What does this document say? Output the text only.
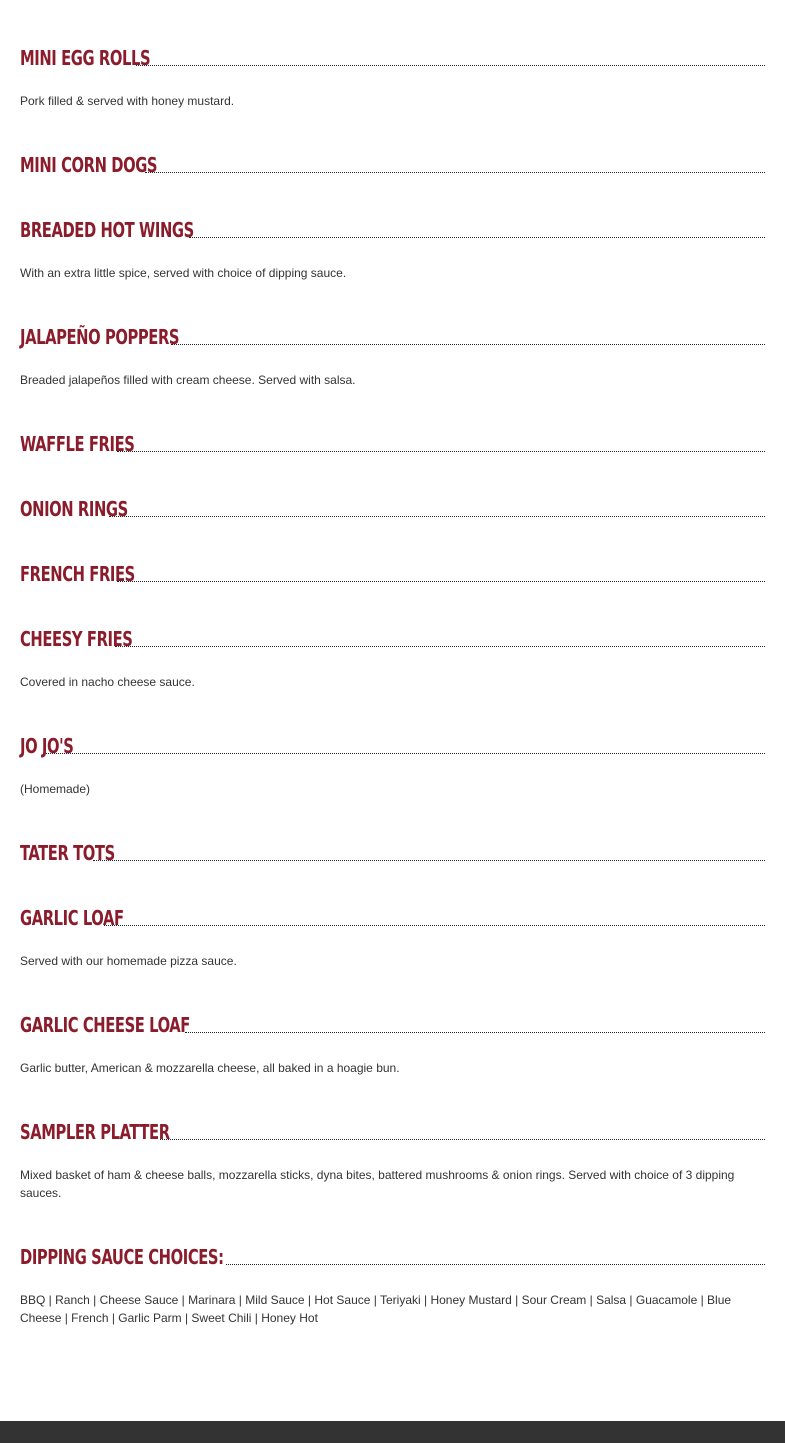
MINI EGG ROLLS
Pork filled & served with honey mustard.
MINI CORN DOGS
BREADED HOT WINGS
With an extra little spice, served with choice of dipping sauce.
JALAPEÑO POPPERS
Breaded jalapeños filled with cream cheese. Served with salsa.
WAFFLE FRIES
ONION RINGS
FRENCH FRIES
CHEESY FRIES
Covered in nacho cheese sauce.
JO JO'S
(Homemade)
TATER TOTS
GARLIC LOAF
Served with our homemade pizza sauce.
GARLIC CHEESE LOAF
Garlic butter, American & mozzarella cheese, all baked in a hoagie bun.
SAMPLER PLATTER
Mixed basket of ham & cheese balls, mozzarella sticks, dyna bites, battered mushrooms & onion rings. Served with choice of 3 dipping sauces.
DIPPING SAUCE CHOICES:
BBQ | Ranch | Cheese Sauce | Marinara | Mild Sauce | Hot Sauce | Teriyaki | Honey Mustard | Sour Cream | Salsa | Guacamole | Blue Cheese | French | Garlic Parm | Sweet Chili | Honey Hot
